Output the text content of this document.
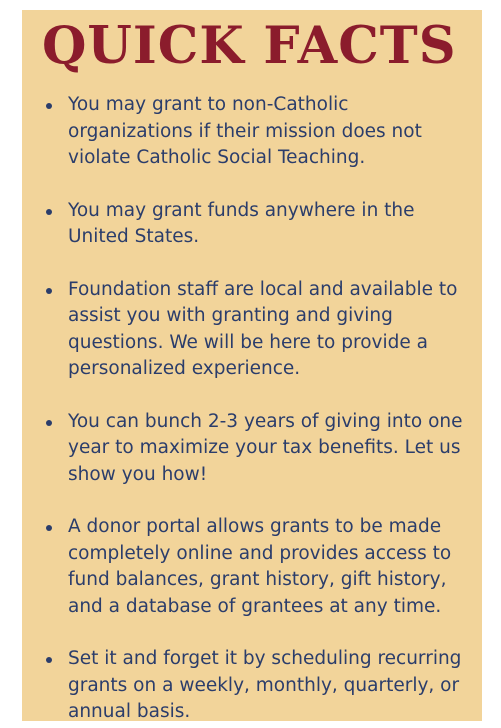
QUICK FACTS
You may grant to non-Catholic organizations if their mission does not violate Catholic Social Teaching.
You may grant funds anywhere in the United States.
Foundation staff are local and available to assist you with granting and giving questions. We will be here to provide a personalized experience.
You can bunch 2-3 years of giving into one year to maximize your tax benefits. Let us show you how!
A donor portal allows grants to be made completely online and provides access to fund balances, grant history, gift history, and a database of grantees at any time.
Set it and forget it by scheduling recurring grants on a weekly, monthly, quarterly, or annual basis.
